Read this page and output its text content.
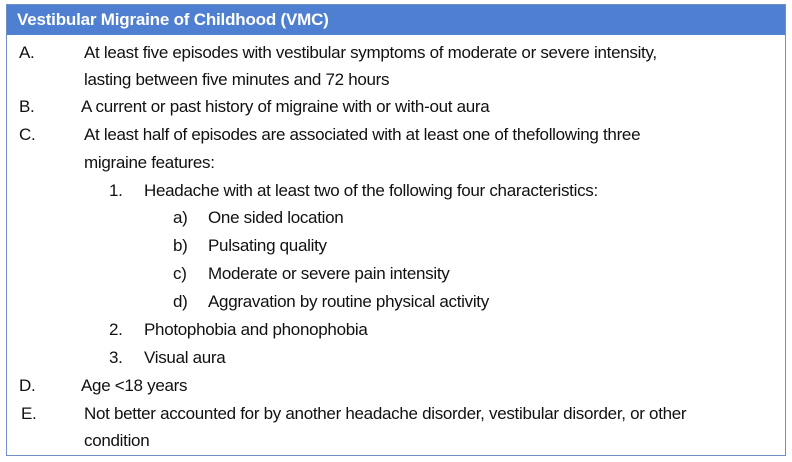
Vestibular Migraine of Childhood (VMC)
A.	At least five episodes with vestibular symptoms of moderate or severe intensity,
lasting between five minutes and 72 hours
B.	A current or past history of migraine with or with-out aura
C.	At least half of episodes are associated with at least one of thefollowing three
migraine features:
1. Headache with at least two of the following four characteristics:
a) One sided location
b) Pulsating quality
c) Moderate or severe pain intensity
d) Aggravation by routine physical activity
2. Photophobia and phonophobia
3. Visual aura
D.	Age <18 years
E.	Not better accounted for by another headache disorder, vestibular disorder, or other
condition
